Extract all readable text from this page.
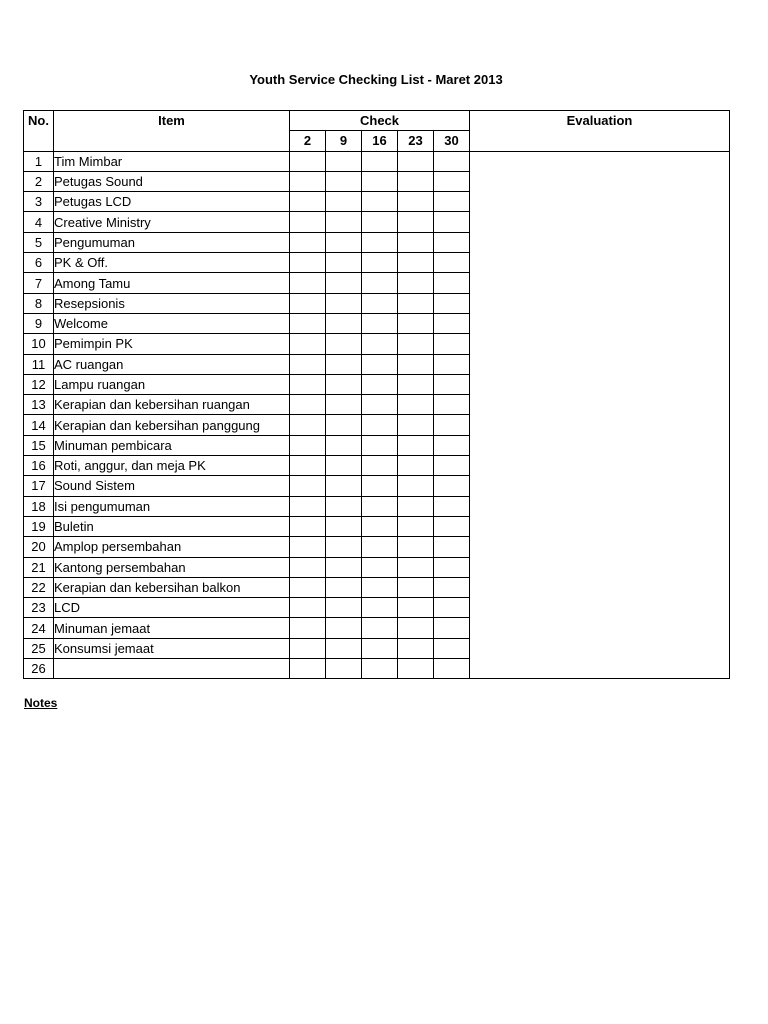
Youth Service Checking List - Maret 2013
No.	Item	Check					Evaluation
		2	9	16	23	30	
1	Tim Mimbar						
2	Petugas Sound						
3	Petugas LCD						
4	Creative Ministry						
5	Pengumuman						
6	PK & Off.						
7	Among Tamu						
8	Resepsionis						
9	Welcome						
10	Pemimpin PK						
11	AC ruangan						
12	Lampu ruangan						
13	Kerapian dan kebersihan ruangan						
14	Kerapian dan kebersihan panggung						
15	Minuman pembicara						
16	Roti, anggur, dan meja PK						
17	Sound Sistem						
18	Isi pengumuman						
19	Buletin						
20	Amplop persembahan						
21	Kantong persembahan						
22	Kerapian dan kebersihan balkon						
23	LCD						
24	Minuman jemaat						
25	Konsumsi jemaat						
26							
Notes
